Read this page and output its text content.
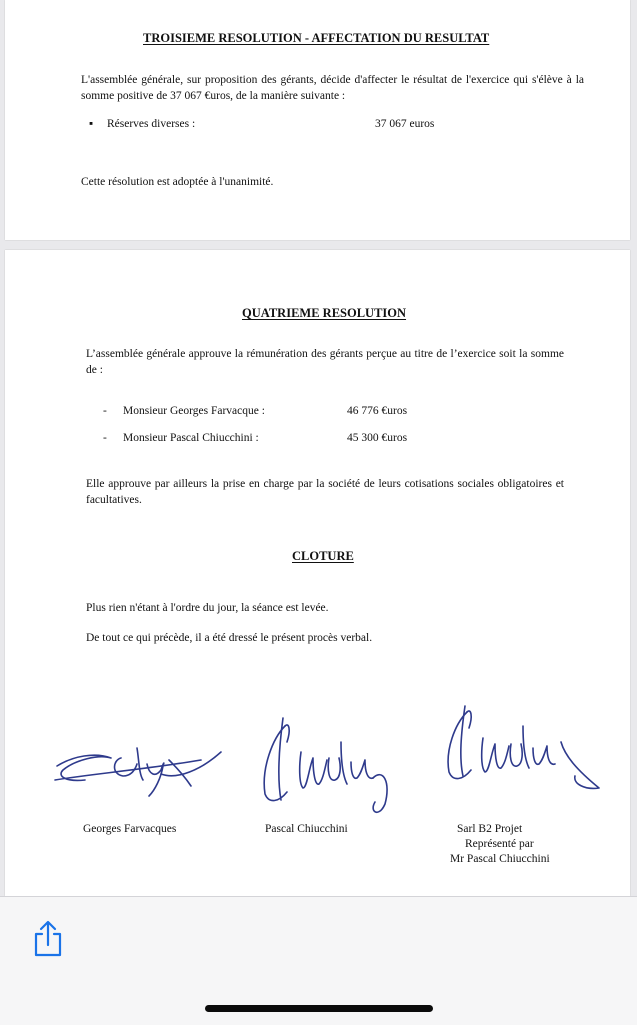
TROISIEME RESOLUTION - AFFECTATION DU RESULTAT
L'assemblée générale, sur proposition des gérants, décide d'affecter le résultat de l'exercice qui s'élève à la somme positive de 37 067 €uros, de la manière suivante :
▪ Réserves diverses :	37 067 euros
Cette résolution est adoptée à l'unanimité.
QUATRIEME RESOLUTION
L’assemblée générale approuve la rémunération des gérants perçue au titre de l’exercice soit la somme de :
- Monsieur Georges Farvacque :	46 776 €uros
- Monsieur Pascal Chiucchini :	45 300 €uros
Elle approuve par ailleurs la prise en charge par la société de leurs cotisations sociales obligatoires et facultatives.
CLOTURE
Plus rien n'étant à l'ordre du jour, la séance est levée.
De tout ce qui précède, il a été dressé le présent procès verbal.
Georges Farvacques	Pascal Chiucchini	Sarl B2 Projet
Représenté par
Mr Pascal Chiucchini
